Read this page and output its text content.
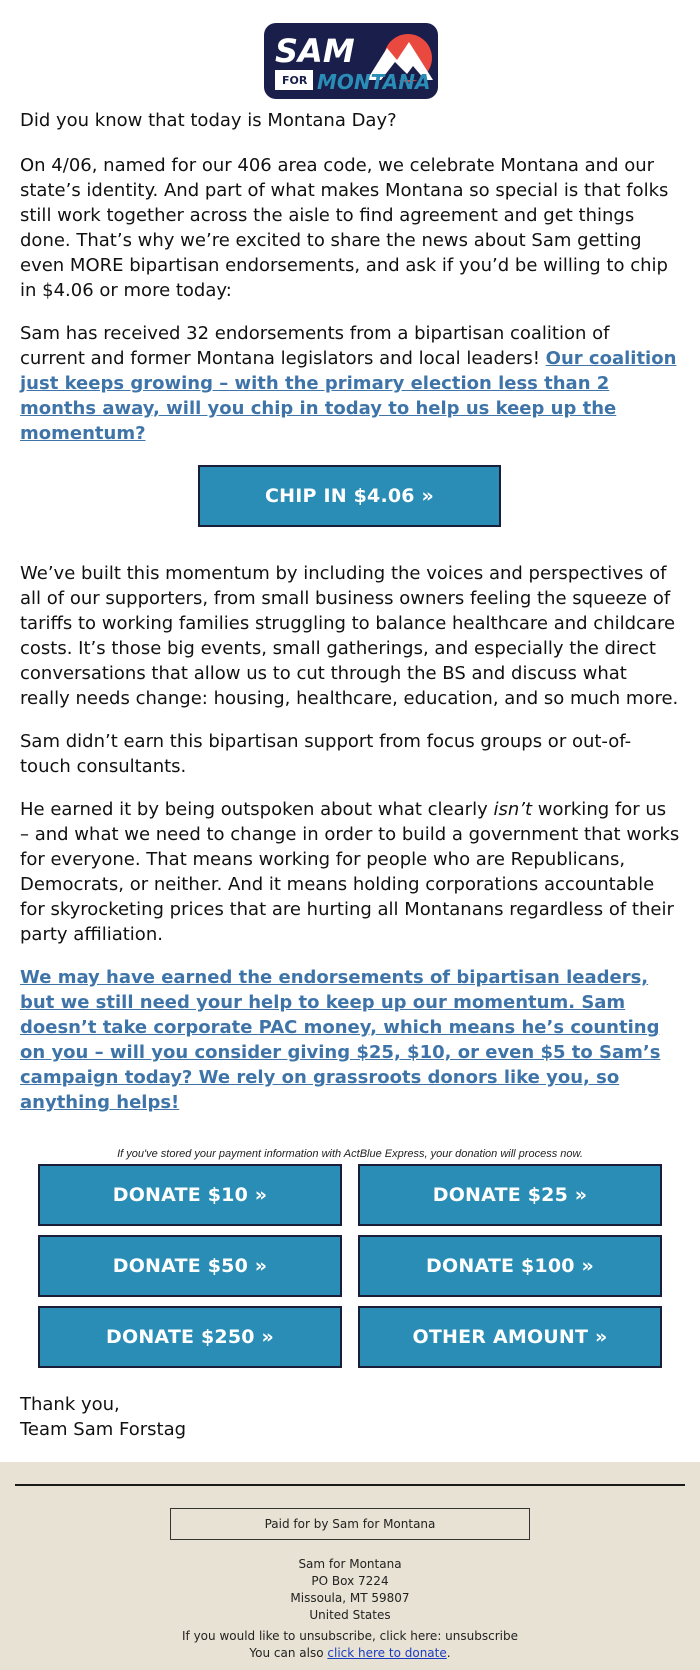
SAM
FOR MONTANA

Did you know that today is Montana Day?

On 4/06, named for our 406 area code, we celebrate Montana and our state’s identity. And part of what makes Montana so special is that folks still work together across the aisle to find agreement and get things done. That’s why we’re excited to share the news about Sam getting even MORE bipartisan endorsements, and ask if you’d be willing to chip in $4.06 or more today:

Sam has received 32 endorsements from a bipartisan coalition of current and former Montana legislators and local leaders! Our coalition just keeps growing – with the primary election less than 2 months away, will you chip in today to help us keep up the momentum?

CHIP IN $4.06 »

We’ve built this momentum by including the voices and perspectives of all of our supporters, from small business owners feeling the squeeze of tariffs to working families struggling to balance healthcare and childcare costs. It’s those big events, small gatherings, and especially the direct conversations that allow us to cut through the BS and discuss what really needs change: housing, healthcare, education, and so much more.

Sam didn’t earn this bipartisan support from focus groups or out-of-touch consultants.

He earned it by being outspoken about what clearly isn’t working for us – and what we need to change in order to build a government that works for everyone. That means working for people who are Republicans, Democrats, or neither. And it means holding corporations accountable for skyrocketing prices that are hurting all Montanans regardless of their party affiliation.

We may have earned the endorsements of bipartisan leaders, but we still need your help to keep up our momentum. Sam doesn’t take corporate PAC money, which means he’s counting on you – will you consider giving $25, $10, or even $5 to Sam’s campaign today? We rely on grassroots donors like you, so anything helps!

If you've stored your payment information with ActBlue Express, your donation will process now.
DONATE $10 »	DONATE $25 »
DONATE $50 »	DONATE $100 »
DONATE $250 »	OTHER AMOUNT »
Thank you,
Team Sam Forstag
Paid for by Sam for Montana
Sam for Montana
PO Box 7224
Missoula, MT 59807
United States
If you would like to unsubscribe, click here: unsubscribe
You can also click here to donate.
